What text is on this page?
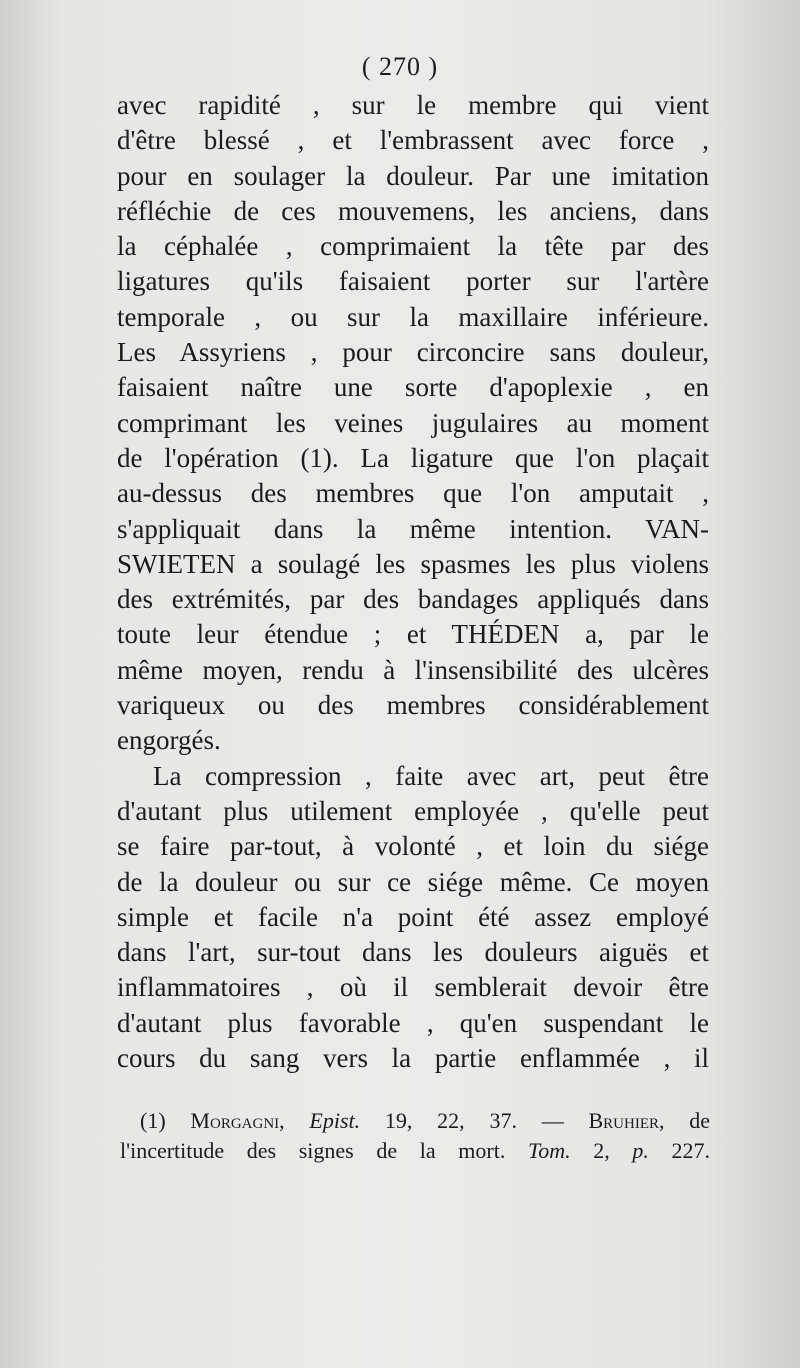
( 270 )
avec rapidité , sur le membre qui vient
d'être blessé , et l'embrassent avec force ,
pour en soulager la douleur. Par une imitation
réfléchie de ces mouvemens, les anciens, dans
la céphalée , comprimaient la tête par des
ligatures qu'ils faisaient porter sur l'artère
temporale , ou sur la maxillaire inférieure.
Les Assyriens , pour circoncire sans douleur,
faisaient naître une sorte d'apoplexie , en
comprimant les veines jugulaires au moment
de l'opération (1). La ligature que l'on plaçait
au-dessus des membres que l'on amputait ,
s'appliquait dans la même intention. VAN-
SWIETEN a soulagé les spasmes les plus violens
des extrémités, par des bandages appliqués dans
toute leur étendue ; et THÉDEN a, par le
même moyen, rendu à l'insensibilité des ulcères
variqueux ou des membres considérablement
engorgés.
La compression , faite avec art, peut être
d'autant plus utilement employée , qu'elle peut
se faire par-tout, à volonté , et loin du siége
de la douleur ou sur ce siége même. Ce moyen
simple et facile n'a point été assez employé
dans l'art, sur-tout dans les douleurs aiguës et
inflammatoires , où il semblerait devoir être
d'autant plus favorable , qu'en suspendant le
cours du sang vers la partie enflammée , il
(1) Morgagni, Epist. 19, 22, 37. — Bruhier, de
l'incertitude des signes de la mort. Tom. 2, p. 227.
